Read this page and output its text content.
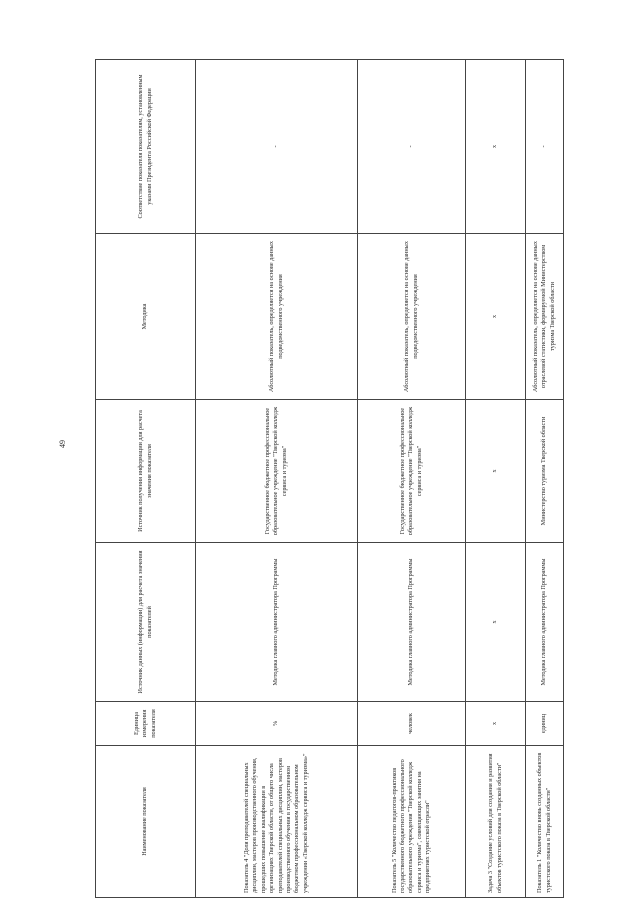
49
Наименование показателя	Единица измерения показателя	Источник данных (информации) для расчета значения показателей	Источник получения информации для расчета значения показателя	Методика	Соответствие показателя показателям, установленным указами Президента Российской Федерации
Показатель 4 "Доля преподавателей специальных дисциплин, мастеров производственного обучения, прошедших повышение квалификации в организациях Тверской области, от общего числа преподавателей специальных дисциплин, мастеров производственного обучения в государственном бюджетном профессиональном образовательном учреждении «Тверской колледж сервиса и туризма»"	%	Методика главного администратора Программы	Государственное бюджетное профессиональное образовательное учреждение "Тверской колледж сервиса и туризма"	Абсолютный показатель, определяется на основе данных подведомственного учреждения	-
Показатель 5 "Количество педагогов-практиков государственного бюджетного профессионального образовательного учреждения "Тверской колледж сервиса и туризма", совмещающих занятия на предприятиях туристской отрасли"	человек	Методика главного администратора Программы	Государственное бюджетное профессиональное образовательное учреждение "Тверской колледж сервиса и туризма"	Абсолютный показатель, определяется на основе данных подведомственного учреждения	-
Задача 3 "Создание условий для создания и развития объектов туристского показа в Тверской области"	х	х	х	х	х
Показатель 1 "Количество вновь созданных объектов туристского показа в Тверской области"	единиц	Методика главного администратора Программы	Министерство туризма Тверской области	Абсолютный показатель, определяется на основе данных отраслевой статистики, формируемой Министерством туризма Тверской области	-
